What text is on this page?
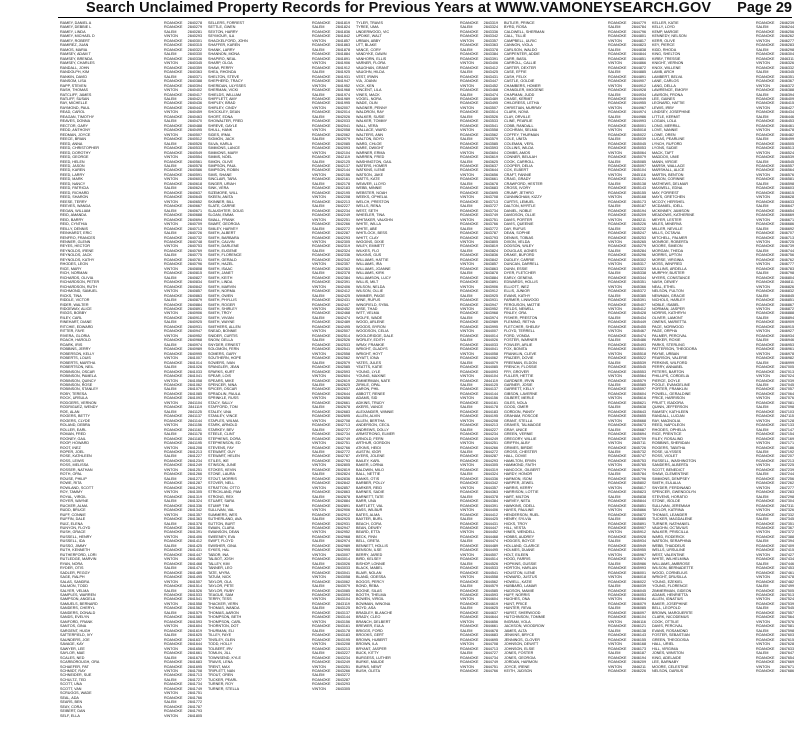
Search Unclaimed Property Records for Previous Years at WWW.VAMONEYSEARCH.GOV Page 29
RAMEY, DANIEL A	ROANOKE	2840278
RAMEY, DEBBIE L	ROANOKE	2840279
RAMEY, LINDA	SALEM	2840281
RAMEY, MICHAEL D	VINTON	2840293
RAMEY, ROBERT	ROANOKE	2840301
RAMIREZ, JUAN	ROANOKE	2840315
RAMOS, MARIA	ROANOKE	2840322
RAMSEY, ADAM T	SALEM	2840330
RAMSEY, BRENDA	ROANOKE	2840336
RAMSEY, CHARLES	VINTON	2840345
RANDALL, JOHN	ROANOKE	2840359
RANDOLPH, KIM	ROANOKE	2840363
RANKIN, DAVID	SALEM	2840371
RANSOM, LISA	ROANOKE	2840388
RAPP, STEVEN	ROANOKE	2840394
RASH, THOMAS	VINTON	2840402
RATCLIFF, JAMES	ROANOKE	2840417
RATLIFF, SUSAN	SALEM	2840421
RAY, MICHELLE	ROANOKE	2840436
RAYMOND, PAUL	ROANOKE	2840442
READ, CAROL	VINTON	2840459
REAGAN, TIMOTHY	ROANOKE	2840463
REAVES, DONNA	SALEM	2840470
RECTOR, GARY	ROANOKE	2840488
REDD, ANTHONY	ROANOKE	2840495
REDMAN, JOYCE	VINTON	2840507
REECE, BRIAN	ROANOKE	2840512
REED, ANNA	SALEM	2840526
REED, CHRISTOPHER	ROANOKE	2840533
REED, DOROTHY	ROANOKE	2840549
REED, GEORGE	VINTON	2840554
REED, HELEN	ROANOKE	2840561
REED, JASON	SALEM	2840578
REED, KAREN	ROANOKE	2840586
REED, LARRY	ROANOKE	2840591
REED, MARK	VINTON	2840603
REED, NANCY	ROANOKE	2840618
REED, PATRICIA	SALEM	2840624
REED, RICHARD	ROANOKE	2840637
REED, SHARON	ROANOKE	2840645
REESE, TERRY	VINTON	2840652
REEVES, WANDA	ROANOKE	2840667
REGAN, WILLIAM	SALEM	2840671
REID, AMANDA	ROANOKE	2840688
REID, BARRY	ROANOKE	2840694
REID, CYNTHIA	VINTON	2840709
REILLY, DENNIS	ROANOKE	2840713
REINHARDT, ERIC	SALEM	2840726
RENFRO, FRANCES	ROANOKE	2840732
RENNER, GLENN	ROANOKE	2840748
REYES, HECTOR	VINTON	2840753
REYNOLDS, IRENE	ROANOKE	2840769
REYNOLDS, JACK	SALEM	2840775
REYNOLDS, KATHY	ROANOKE	2840781
RHODES, LEON	ROANOKE	2840796
RICE, MARY	VINTON	2840808
RICH, NORMAN	ROANOKE	2840815
RICHARDS, OLIVIA	SALEM	2840827
RICHARDSON, PETER	ROANOKE	2840834
RICHARDSON, RUTH	ROANOKE	2840842
RICHMOND, SAMUEL	VINTON	2840857
RICKS, TINA	ROANOKE	2840863
RIDDLE, VICTOR	SALEM	2840879
RIDER, WALTER	ROANOKE	2840884
RIDGEWAY, ALICE	ROANOKE	2840891
RIGGS, BOBBY	VINTON	2840906
RILEY, CARL	ROANOKE	2840912
RINEHART, DIANE	SALEM	2840925
RITCHIE, EDWARD	ROANOKE	2840931
RITTER, FAYE	ROANOKE	2840947
RIVERA, GLORIA	VINTON	2840952
ROACH, HAROLD	ROANOKE	2840968
ROARK, IRIS	SALEM	2840974
ROBBINS, JERRY	ROANOKE	2840989
ROBERSON, KELLY	ROANOKE	2840995
ROBERTS, LOUIS	VINTON	2841007
ROBERTS, MARTHA	ROANOKE	2841014
ROBERTSON, NEIL	SALEM	2841026
ROBINSON, OSCAR	ROANOKE	2841033
ROBINSON, PAMELA	ROANOKE	2841041
ROBINSON, QUINCY	VINTON	2841058
ROBINSON, ROSE	ROANOKE	2841062
ROBINSON, STANLEY	SALEM	2841079
ROBY, TERESA	ROANOKE	2841085
ROCK, URSULA	ROANOKE	2841093
RODGERS, VERNON	VINTON	2841104
RODRIGUEZ, WENDY	ROANOKE	2841119
ROE, ALAN	SALEM	2841125
ROGERS, BETTY	ROANOKE	2841137
ROGERS, CLYDE	ROANOKE	2841144
ROLAND, DEBRA	VINTON	2841156
ROLLER, EARL	ROANOKE	2841161
ROMAN, FRED	SALEM	2841178
ROONEY, GAIL	ROANOKE	2841183
ROOP, HOWARD	ROANOKE	2841195
ROOT, INEZ	VINTON	2841208
ROPER, JOEL	ROANOKE	2841213
ROSE, KATHLEEN	SALEM	2841227
ROSS, LEWIS	ROANOKE	2841234
ROSS, MELISSA	ROANOKE	2841249
ROSSER, NATHAN	VINTON	2841251
ROTH, OPAL	ROANOKE	2841266
ROUSE, PHILIP	SALEM	2841272
ROWE, RITA	ROANOKE	2841287
ROWLAND, SCOTT	ROANOKE	2841293
ROY, TAMMY	VINTON	2841305
ROYAL, VIRGIL	ROANOKE	2841319
ROYER, WAYNE	SALEM	2841324
RUCKER, ALMA	ROANOKE	2841336
RUDD, BRUCE	ROANOKE	2841342
RUFF, CONNIE	VINTON	2841357
RUFFIN, DALE	ROANOKE	2841363
RUIZ, ELENA	SALEM	2841378
RUNYON, FLOYD	ROANOKE	2841384
RUSH, GRACE	ROANOKE	2841391
RUSSELL, HENRY	VINTON	2841406
RUSSELL, IDA	ROANOKE	2841412
RUSSO, JIMMY	SALEM	2841425
RUTH, KENNETH	ROANOKE	2841431
RUTHERFORD, LORI	ROANOKE	2841447
RUTLEDGE, MARVIN	VINTON	2841452
RYAN, NORA	ROANOKE	2841468
RYDER, OTIS	SALEM	2841474
SADLER, PEGGY	ROANOKE	2841489
SAGE, RALPH	ROANOKE	2841495
SALAS, SANDRA	VINTON	2841507
SALMON, TODD	ROANOKE	2841514
SALYER, VELMA	SALEM	2841526
SAMPLES, WARREN	ROANOKE	2841533
SAMPSON, ANGELA	ROANOKE	2841541
SAMUELS, BERNARD	VINTON	2841558
SANDERS, CHERYL	ROANOKE	2841562
SANDERS, DONALD	SALEM	2841579
SANDS, EVELYN	ROANOKE	2841585
SANFORD, FRANK	ROANOKE	2841593
SANTOS, GINA	VINTON	2841604
SARGENT, HUGH	ROANOKE	2841619
SATTERFIELD, IVY	SALEM	2841625
SAUNDERS, JOE	ROANOKE	2841637
SAVAGE, KAY	ROANOKE	2841644
SAWYER, LEE	VINTON	2841656
SAYLOR, MAE	ROANOKE	2841661
SCALES, NED	SALEM	2841678
SCARBOROUGH, ORA	ROANOKE	2841683
SCHAEFER, PAT	ROANOKE	2841695
SCHMIDT, RAY	VINTON	2841708
SCHNEIDER, SUE	ROANOKE	2841713
SCHULTZ, TED	SALEM	2841727
SCOTT, UNA	ROANOKE	2841734
SCOTT, VAN	ROANOKE	2841749
SCRUGGS, WADE	VINTON	2841751
SEAL, ADA	ROANOKE	2841766
SEARS, BEN	SALEM	2841772
SEAY, CORA	ROANOKE	2841787
SEIBERT, DAN	ROANOKE	2841793
SELF, ELLA	VINTON	2841805
SELLERS, FORREST	ROANOKE	2841819
SETTLE, GWEN	SALEM	2841824
SEXTON, HARRY	ROANOKE	2841836
SEYMOUR, ILA	ROANOKE	2841842
SHACKELFORD, JOHN	VINTON	2841857
SHAFFER, KAREN	ROANOKE	2841863
SHANK, LARRY	SALEM	2841878
SHANNON, MONA	ROANOKE	2841884
SHAPIRO, NEAL	ROANOKE	2841891
SHARP, OLGA	VINTON	2841906
SHAW, PERRY	ROANOKE	2841912
SHEA, RHONDA	SALEM	2841925
SHELTON, STEVE	ROANOKE	2841931
SHEPHERD, TRACY	ROANOKE	2841947
SHERIDAN, ULYSSES	VINTON	2841952
SHERMAN, VICKI	ROANOKE	2841968
SHIELDS, WILLIAM	SALEM	2841974
SHIFFLETT, AMY	ROANOKE	2841989
SHIPLEY, BRAD	ROANOKE	2841995
SHIRLEY, CINDY	VINTON	2842007
SHOCKLEY, DEAN	ROANOKE	2842014
SHORT, EDNA	SALEM	2842026
SHOWALTER, FRED	ROANOKE	2842033
SHREVE, GAYLE	ROANOKE	2842041
SHULL, HANK	VINTON	2842058
SIDES, IRMA	ROANOKE	2842062
SIGMON, JACK	SALEM	2842079
SILVA, KARLA	ROANOKE	2842085
SIMMONS, LANCE	ROANOKE	2842093
SIMMONS, MARY	VINTON	2842104
SIMMS, NOEL	ROANOKE	2842119
SIMON, OLIVE	SALEM	2842125
SIMPSON, PAUL	ROANOKE	2842137
SIMPSON, ROBIN	ROANOKE	2842144
SIMS, SHANE	VINTON	2842156
SINCLAIR, TARA	ROANOKE	2842161
SINGER, URIAH	SALEM	2842178
SINK, VERA	ROANOKE	2842183
SIZEMORE, WILL	ROANOKE	2842195
SKEEN, ANITA	VINTON	2842208
SKINNER, BILL	ROANOKE	2842213
SLATE, CARRIE	SALEM	2842227
SLAUGHTER, DOUG	ROANOKE	2842234
SLOAN, EMMA	ROANOKE	2842249
SMALL, FRANK	VINTON	2842251
SMART, GEORGIA	ROANOKE	2842266
SMILEY, HARVEY	SALEM	2842272
SMITH, ALBERT	ROANOKE	2842287
SMITH, BARBARA	ROANOKE	2842293
SMITH, CALVIN	VINTON	2842305
SMITH, DARLENE	ROANOKE	2842319
SMITH, EUGENE	SALEM	2842324
SMITH, FLORENCE	ROANOKE	2842336
SMITH, GERALD	ROANOKE	2842342
SMITH, HAZEL	VINTON	2842357
SMITH, ISAAC	ROANOKE	2842363
SMITH, JANET	SALEM	2842378
SMITH, KEITH	ROANOKE	2842384
SMITH, LINDA	ROANOKE	2842391
SMITH, MARVIN	VINTON	2842406
SMITH, NORMA	ROANOKE	2842412
SMITH, OWEN	SALEM	2842425
SMITH, PHYLLIS	ROANOKE	2842431
SMITH, ROGER	ROANOKE	2842447
SMITH, SHIRLEY	VINTON	2842452
SMITH, TROY	ROANOKE	2842468
SMITH, VIVIAN	SALEM	2842474
SMITH, WAYNE	ROANOKE	2842489
SMITHERS, ALLEN	ROANOKE	2842495
SNEAD, BONNIE	VINTON	2842507
SNIDER, CURTIS	ROANOKE	2842514
SNOW, DELLA	SALEM	2842526
SNYDER, ERNEST	ROANOKE	2842533
SOLOMON, FERN	ROANOKE	2842541
SOMERS, GARY	VINTON	2842558
SOUTHERN, HOPE	ROANOKE	2842562
SOWERS, IVAN	SALEM	2842579
SPANGLER, JEAN	ROANOKE	2842585
SPARKS, KURT	ROANOKE	2842593
SPEAR, LOIS	VINTON	2842604
SPEARS, MIKE	ROANOKE	2842619
SPENCER, NINA	SALEM	2842625
SPICER, OSCAR	ROANOKE	2842637
SPRADLIN, PAULA	ROANOKE	2842644
SPRINKLE, RUSS	VINTON	2842656
STACY, SALLY	ROANOKE	2842661
STAFFORD, TOM	SALEM	2842678
STALEY, UNA	ROANOKE	2842683
STANLEY, VINCE	ROANOKE	2842695
STAPLES, WILMA	VINTON	2842708
STARK, ARNOLD	ROANOKE	2842713
STARKEY, BEV	SALEM	2842727
STEELE, CLINT	ROANOKE	2842734
STEPHENS, DORA	ROANOKE	2842749
STEPHENSON, ED	VINTON	2842751
STEVENS, FAY	ROANOKE	2842766
STEWART, GUY	SALEM	2842772
STEWART, HELEN	ROANOKE	2842787
STILES, IKE	ROANOKE	2842793
STINSON, JUNE	VINTON	2842805
STOKES, KEVIN	ROANOKE	2842819
STONE, LAURA	SALEM	2842824
STOUT, MORRIS	ROANOKE	2842836
STOVER, NELL	ROANOKE	2842842
STRATTON, OTTO	VINTON	2842857
STRICKLAND, PAM	ROANOKE	2842863
STRONG, REX	SALEM	2842878
STUART, SARA	ROANOKE	2842884
STUMP, TIM	ROANOKE	2842891
SULLIVAN, VAL	VINTON	2842906
SUMMERS, WES	ROANOKE	2842912
SUTHERLAND, AVA	SALEM	2842925
SUTTON, BURT	ROANOKE	2842931
SWAIN, CLARA	ROANOKE	2842947
SWANSON, DEAN	VINTON	2842952
SWEENEY, EVA	ROANOKE	2842968
SWIFT, FLOYD	SALEM	2842974
SWISHER, GINA	ROANOKE	2842989
SYKES, HAL	ROANOKE	2842995
TABOR, INA	VINTON	2843007
TALBOT, JOSH	ROANOKE	2843014
TALLEY, KIM	SALEM	2843026
TANNER, LEO	ROANOKE	2843033
TATE, MYRA	ROANOKE	2843041
TATUM, NICK	VINTON	2843058
TAYLOR, OLA	ROANOKE	2843062
TAYLOR, PETE	SALEM	2843079
TAYLOR, RUBY	ROANOKE	2843085
TEAGUE, SAM	ROANOKE	2843093
TERRY, TESS	VINTON	2843104
THACKER, VERN	ROANOKE	2843119
THOMAS, WANDA	SALEM	2843125
THOMAS, AARON	ROANOKE	2843137
THOMPSON, BETH	ROANOKE	2843144
THOMPSON, CARL	VINTON	2843156
THORNTON, DOT	ROANOKE	2843161
THURMAN, ELI	SALEM	2843178
TILLEY, FAYE	ROANOKE	2843183
TINSLEY, GLEN	ROANOKE	2843195
TODD, HOLLY	VINTON	2843208
TOLBERT, IRV	ROANOKE	2843213
TOMLIN, JILL	SALEM	2843227
TOWNSEND, KYLE	ROANOKE	2843234
TRAVIS, LENA	ROANOKE	2843249
TRENT, MAX	VINTON	2843251
TRIPLETT, NAN	ROANOKE	2843266
TROUT, OREN	SALEM	2843272
TUCKER, PEARL	ROANOKE	2843287
TURNER, ROY	ROANOKE	2843293
TURNER, STELLA	VINTON	2843305
TYLER, TRAVIS	ROANOKE	2843319
TYREE, UMA	SALEM	2843324
UNDERWOOD, VIC	ROANOKE	2843336
UPDIKE, WALT	ROANOKE	2843342
URBAN, ABBY	VINTON	2843357
UTT, BLAKE	ROANOKE	2843363
VANCE, CORY	SALEM	2843378
VANDYKE, DAWN	ROANOKE	2843384
VANHORN, ELLIS	ROANOKE	2843391
VARNER, FLORA	VINTON	2843406
VAUGHAN, GRANT	ROANOKE	2843412
VAUGHN, HILDA	SALEM	2843425
VEST, IRWIN	ROANOKE	2843431
VIA, JOANN	ROANOKE	2843447
VICK, KEN	VINTON	2843452
VINCENT, LILA	ROANOKE	2843468
VINES, MACK	SALEM	2843474
VOGEL, NORA	ROANOKE	2843489
WADE, OLIN	ROANOKE	2843495
WAGNER, PENNY	VINTON	2843507
WALDRON, RAY	ROANOKE	2843514
WALKER, SUSIE	SALEM	2843526
WALKER, TOMMY	ROANOKE	2843533
WALL, VERA	ROANOKE	2843541
WALLACE, WARD	VINTON	2843558
WALTERS, ANN	ROANOKE	2843562
WALTON, BOYD	SALEM	2843579
WARD, CHLOE	ROANOKE	2843585
WARE, DWIGHT	ROANOKE	2843593
WARNER, ERMA	VINTON	2843604
WARREN, FRED	ROANOKE	2843619
WASHINGTON, GAIL	SALEM	2843625
WATERS, HOMER	ROANOKE	2843637
WATKINS, ILENE	ROANOKE	2843644
WATSON, JAKE	VINTON	2843656
WATTS, KATE	ROANOKE	2843661
WEAVER, LLOYD	SALEM	2843678
WEBB, MINNIE	ROANOKE	2843683
WEBSTER, NOAH	ROANOKE	2843695
WEEKS, OPHELIA	VINTON	2843708
WELCH, PRESTON	ROANOKE	2843713
WELLS, RENA	SALEM	2843727
WEST, SETH	ROANOKE	2843734
WHEELER, TINA	ROANOKE	2843749
WHITAKER, VAUGHN	VINTON	2843751
WHITE, WILLA	ROANOKE	2843766
WHITE, ABE	SALEM	2843772
WHITLOCK, BESS	ROANOKE	2843787
WHITT, CLAY	ROANOKE	2843793
WIGGINS, DIXIE	VINTON	2843805
WILEY, EMMETT	ROANOKE	2843819
WILKES, FLO	SALEM	2843824
WILKINS, GUS	ROANOKE	2843836
WILLIAMS, HATTIE	ROANOKE	2843842
WILLIAMS, IRA	VINTON	2843857
WILLIAMS, JOANNE	ROANOKE	2843863
WILLIAMS, KIRK	SALEM	2843878
WILLIAMSON, LUCY	ROANOKE	2843884
WILLIS, MILT	ROANOKE	2843891
WILSON, NELDA	VINTON	2843906
WILSON, OLLIE	ROANOKE	2843912
WIMMER, PAIGE	SALEM	2843925
WINE, RUFUS	ROANOKE	2843931
WINGFIELD, SYBIL	ROANOKE	2843947
WISE, THAD	VINTON	2843952
WITT, VELMA	ROANOKE	2843968
WOLFE, WADE	SALEM	2843974
WOOD, ARLENE	ROANOKE	2843989
WOODS, BYRON	ROANOKE	2843995
WOODSON, CELIA	VINTON	2844007
WOOLDRIDGE, DALE	ROANOKE	2844014
WORLEY, EDITH	SALEM	2844026
WRAY, FRANKIE	ROANOKE	2844033
WRIGHT, GLADYS	ROANOKE	2844041
WRIGHT, HOYT	VINTON	2844058
WYATT, IONA	ROANOKE	2844062
YATES, JULES	SALEM	2844079
YEATTS, KATIE	ROANOKE	2844085
YOUNG, LYLE	ROANOKE	2844093
YOUNG, MAXINE	VINTON	2844104
ZIMMERMAN, NATE	ROANOKE	2844119
ZIRKLE, OPAL	SALEM	2844125
AARON, PHIL	ROANOKE	2844137
ABBOTT, RENEE	ROANOKE	2844144
ADAMS, SID	VINTON	2844156
ADKINS, TRUDY	ROANOKE	2844161
AKERS, VANCE	SALEM	2844178
ALEXANDER, WINNIE	ROANOKE	2844183
ALLEN, ALVIN	ROANOKE	2844195
ALLEN, BERTHA	VINTON	2844208
ANDERSON, CECIL	ROANOKE	2844213
ANDREWS, DOLLY	SALEM	2844227
ARMSTRONG, ELMER	ROANOKE	2844234
ARNOLD, FERN	ROANOKE	2844249
ARTHUR, GORDON	VINTON	2844251
ATKINS, HEIDI	ROANOKE	2844266
AUSTIN, IGOR	SALEM	2844272
AYERS, JOLENE	ROANOKE	2844287
BAILEY, KARL	ROANOKE	2844293
BAKER, LORNA	VINTON	2844305
BALDWIN, MILO	ROANOKE	2844319
BALL, NETTIE	SALEM	2844324
BANKS, OTIS	ROANOKE	2844336
BARBER, POLLY	ROANOKE	2844342
BARKER, REID	VINTON	2844357
BARNES, SADIE	ROANOKE	2844363
BARNETT, TATE	SALEM	2844378
BARR, UNA	ROANOKE	2844384
BARTLETT, VAL	ROANOKE	2844391
BASS, WILBUR	VINTON	2844406
BATES, ALMA	ROANOKE	2844412
BAXTER, BURL	SALEM	2844425
BEACH, CORA	ROANOKE	2844431
BEAN, DEWEY	ROANOKE	2844447
BEARD, ETTA	VINTON	2844452
BECK, FINN	ROANOKE	2844468
BELL, GRETA	SALEM	2844474
BENNETT, HOLLIS	ROANOKE	2844489
BENSON, ILSE	ROANOKE	2844495
BERRY, JARED	VINTON	2844507
BIRD, KELSEY	ROANOKE	2844514
BISHOP, LONNIE	SALEM	2844526
BLACK, MABEL	ROANOKE	2844533
BLAIR, NOLAN	ROANOKE	2844541
BLAND, ODESSA	VINTON	2844558
BOGGS, PERCY	ROANOKE	2844562
BOND, REBA	SALEM	2844579
BOONE, SILAS	ROANOKE	2844585
BOOTH, THELMA	ROANOKE	2844593
BOWEN, VIRGIL	VINTON	2844604
BOWMAN, WINONA	ROANOKE	2844619
BOYD, ASA	SALEM	2844625
BRADLEY, BLANCHE	ROANOKE	2844637
BRADY, CLEO	ROANOKE	2844644
BRANCH, DELBERT	VINTON	2844656
BREWER, EULA	ROANOKE	2844661
BRIGGS, FORD	SALEM	2844678
BROOKS, GERT	ROANOKE	2844683
BROWN, HUBERT	ROANOKE	2844695
BROWN, ILA	VINTON	2844708
BRYANT, JASPER	ROANOKE	2844713
BUCK, KITTY	SALEM	2844727
BURGESS, LUTHER	ROANOKE	2844734
BURKE, MAUDE	ROANOKE	2844749
BURNS, NEWT	VINTON	2844751
BUSH, OLETA	ROANOKE	2844766
BUTLER, PRINCE	ROANOKE	2844779
BYRD, ROSA	SALEM	2844784
CALDWELL, SHERMAN	ROANOKE	2844796
CALL, TILLIE	ROANOKE	2844801
CAMPBELL, ULRIC	VINTON	2844817
CANNON, VIOLA	ROANOKE	2844823
CARLSON, WALDO	SALEM	2844838
CARPENTER, ADDIE	ROANOKE	2844844
CARR, BASIL	ROANOKE	2844851
CARROLL, CALLIE	VINTON	2844866
CARTER, DEXTER	ROANOKE	2844872
CASE, EFFIE	SALEM	2844885
CASH, FELIX	ROANOKE	2844891
CASTLE, GOLDIE	ROANOKE	2844907
CHAMBERS, HOMER	VINTON	2844912
CHANDLER, IMOGENE	ROANOKE	2844928
CHAPMAN, JUDD	SALEM	2844934
CHASE, KERMIT	ROANOKE	2844949
CHILDRESS, LETHA	ROANOKE	2844955
CHRISTIAN, MURRAY	VINTON	2844967
CLARK, NOVA	ROANOKE	2844974
CLAY, ORVILLE	SALEM	2844986
CLINE, PEARLIE	ROANOKE	2844993
COBB, RANDALL	ROANOKE	2845001
COCHRAN, SELMA	VINTON	2845018
COFFEY, THURMAN	ROANOKE	2845022
COLE, UNITA	SALEM	2845039
COLEMAN, VERL	ROANOKE	2845045
COLLINS, WILDA	ROANOKE	2845053
COMBS, AMOS	VINTON	2845064
CONNER, BEULAH	ROANOKE	2845079
COOK, CARROLL	SALEM	2845085
COOPER, DELIA	ROANOKE	2845097
COX, ELBERT	ROANOKE	2845104
CRAFT, FANNIE	VINTON	2845116
CRAIG, GRADY	ROANOKE	2845121
CRAWFORD, HESTER	SALEM	2845138
CROSS, IVORY	ROANOKE	2845143
CRUMP, JETHRO	ROANOKE	2845155
CUNNINGHAM, KIZZY	VINTON	2845168
CURTIS, LEMUEL	ROANOKE	2845173
DALTON, MYRTLE	SALEM	2845187
DANIEL, NOBLE	ROANOKE	2845194
DAVIDSON, OLLIE	ROANOKE	2845209
DAVIS, PORTER	VINTON	2845211
DAVIS, QUEENIE	ROANOKE	2845226
DAY, RUFUS	SALEM	2845232
DEAN, SOPHIE	ROANOKE	2845247
DENNIS, TOBIAS	ROANOKE	2845253
DIXON, VELDA	VINTON	2845265
DODSON, WILEY	ROANOKE	2845279
DOUGLAS, AGNES	SALEM	2845284
DRAKE, BUFORD	ROANOKE	2845296
DUDLEY, CARRIE	ROANOKE	2845302
DUNCAN, DARRELL	VINTON	2845317
DUNN, ESSIE	ROANOKE	2845323
DYER, FLETCHER	SALEM	2845338
EARLY, GENEVA	ROANOKE	2845344
EDWARDS, HOLLIS	ROANOKE	2845351
ELLIOTT, INEZ	VINTON	2845366
ELLIS, JUNIOR	ROANOKE	2845372
EVANS, KATHY	SALEM	2845385
FARMER, LINWOOD	ROANOKE	2845391
FERGUSON, MATTIE	ROANOKE	2845407
FIELDS, NEWELL	VINTON	2845412
FINLEY, ORA	ROANOKE	2845428
FISHER, PRESTON	SALEM	2845434
FLEMING, RETHA	ROANOKE	2845449
FLETCHER, SHELBY	ROANOKE	2845455
FLOYD, TERRELL	VINTON	2845467
FORD, VONDA	ROANOKE	2845474
FOSTER, WARNER	SALEM	2845486
FOWLER, ARLIE	ROANOKE	2845493
FOX, BONITA	ROANOKE	2845501
FRANKLIN, CLEVE	VINTON	2845518
FRAZIER, DOVIE	ROANOKE	2845522
FREEMAN, ELDON	SALEM	2845539
FRENCH, FLOSSIE	ROANOKE	2845545
FRY, GROVER	ROANOKE	2845553
FULLER, HETTIE	VINTON	2845564
GARDNER, IRVIN	ROANOKE	2845579
GARNER, JOSIE	SALEM	2845585
GARRETT, KELLY	ROANOKE	2845597
GIBSON, LAVERNE	ROANOKE	2845604
GILBERT, MERLE	VINTON	2845616
GILES, NOLA	ROANOKE	2845621
GOOD, OMER	SALEM	2845638
GORDON, PANSY	ROANOKE	2845643
GRAHAM, ROSCOE	ROANOKE	2845655
GRANT, STELLA	VINTON	2845668
GRAVES, TALMADGE	ROANOKE	2845673
GRAY, UNICE	SALEM	2845687
GREEN, VERNIE	ROANOKE	2845694
GREGORY, WILLIE	ROANOKE	2845709
GRIFFIN, ALBY	VINTON	2845711
GRIMES, BIRDIE	ROANOKE	2845726
GROSS, CHESTER	SALEM	2845732
HALL, DOVIE	ROANOKE	2845747
HAMILTON, ERVIN	ROANOKE	2845753
HAMMOND, FAITH	VINTON	2845765
HANCOCK, GILBERT	ROANOKE	2845779
HARDY, HONOR	SALEM	2845784
HARMON, ISOM	ROANOKE	2845796
HARPER, JEWEL	ROANOKE	2845802
HARRIS, KERRY	VINTON	2845817
HARRISON, LOTTIE	ROANOKE	2845823
HART, MILTON	SALEM	2845838
HARVEY, NETA	ROANOKE	2845844
HAWKINS, ODELL	ROANOKE	2845851
HAYES, PAULINE	VINTON	2845866
HENDERSON, RUEL	ROANOKE	2845872
HENRY, SYLVIA	SALEM	2845885
HICKS, TROY	ROANOKE	2845891
HILL, VESTA	ROANOKE	2845907
HINES, WENDELL	VINTON	2845912
HOBBS, AUDREY	ROANOKE	2845928
HODGES, BOYCE	SALEM	2845934
HOLLAND, CLARICE	ROANOKE	2845949
HOLMES, DUANE	ROANOKE	2845955
HOLT, EILEEN	VINTON	2845967
HOOD, FARRIS	ROANOKE	2845974
HOPKINS, GUSSIE	SALEM	2845986
HORTON, HARLAN	ROANOKE	2845993
HOUSTON, ILENE	ROANOKE	2846001
HOWARD, JUSTUS	VINTON	2846018
HOWELL, KATIE	ROANOKE	2846022
HUBBARD, LAMAR	SALEM	2846039
HUDSON, MAMIE	ROANOKE	2846045
HUFF, NORRIS	ROANOKE	2846053
HUGHES, ONA	VINTON	2846064
HUNT, PRICE	ROANOKE	2846079
HUNTER, REVA	SALEM	2846085
HURST, SHERWOOD	ROANOKE	2846097
HUTCHINSON, TOMMIE	ROANOKE	2846104
INGRAM, VOLA	VINTON	2846116
JACKSON, WOODROW	ROANOKE	2846121
JAMES, ALTA	SALEM	2846138
JENKINS, BRYCE	ROANOKE	2846143
JENNINGS, CLOVER	ROANOKE	2846155
JOHNSON, DEWITT	VINTON	2846168
JOHNSON, ELSIE	ROANOKE	2846173
JONES, FOSTER	SALEM	2846187
JONES, GEORGIA	ROANOKE	2846194
JORDAN, HARMON	ROANOKE	2846209
JOYCE, IRENE	VINTON	2846211
KEITH, JUDSON	ROANOKE	2846226
KELLER, KATIE	ROANOKE	2846239
KELLY, LOYD	SALEM	2846244
KEMP, MARGIE	ROANOKE	2846256
KENNEDY, NELSON	ROANOKE	2846262
KERR, OLIVE	VINTON	2846277
KEY, PIERCE	ROANOKE	2846283
KIDD, RHODA	SALEM	2846298
KING, SHELTON	ROANOKE	2846304
KIRBY, TRESSIE	ROANOKE	2846311
KNIGHT, VERNON	VINTON	2846326
KNOX, WILLENE	ROANOKE	2846332
LAMB, ARCH	SALEM	2846345
LAMBERT, BELVA	ROANOKE	2846351
LANE, CARLOS	ROANOKE	2846367
LANG, DELLA	VINTON	2846372
LAWRENCE, EMORY	ROANOKE	2846388
LAWSON, FRONA	SALEM	2846394
LEE, GAINES	ROANOKE	2846409
LEONARD, HATTIE	ROANOKE	2846415
LEWIS, IRBY	VINTON	2846427
LINDSEY, JOSEPHINE	ROANOKE	2846434
LITTLE, KERMIT	SALEM	2846446
LOGAN, LOLA	ROANOKE	2846453
LONG, MERRILL	ROANOKE	2846461
LOVE, NANNIE	VINTON	2846478
LOWE, OREN	ROANOKE	2846482
LUCAS, PEARLINE	SALEM	2846499
LYNCH, RUFORD	ROANOKE	2846505
LYONS, SUDIE	ROANOKE	2846513
MACK, TAFT	VINTON	2846524
MADDOX, UNIE	ROANOKE	2846539
MANN, VIRGIE	SALEM	2846545
MARSH, WALLACE	ROANOKE	2846557
MARSHALL, ALICE	ROANOKE	2846564
MARTIN, BENTON	VINTON	2846576
MASON, CORINNE	ROANOKE	2846581
MATHEWS, DELMAR	SALEM	2846598
MAXWELL, EDNA	ROANOKE	2846603
MAY, FORREST	ROANOKE	2846615
MAYS, GRETCHEN	VINTON	2846628
MCCOY, HERSHEL	ROANOKE	2846633
MCDANIEL, IDELL	SALEM	2846647
MCKINNEY, JAMISON	ROANOKE	2846654
MEADOWS, KATHERINE	ROANOKE	2846669
MEYER, LESTER	VINTON	2846671
MILES, MINERVA	ROANOKE	2846686
MILLER, NEVILLE	SALEM	2846692
MILLS, OCTAVIA	ROANOKE	2846707
MITCHELL, PALMER	ROANOKE	2846713
MONROE, ROBERTA	VINTON	2846725
MOORE, SIMEON	ROANOKE	2846739
MORGAN, THEDA	SALEM	2846744
MORRIS, UPTON	ROANOKE	2846756
MORSE, VIRGINIA	ROANOKE	2846762
MOSS, WINFRED	VINTON	2846777
MULLINS, ARDELLA	ROANOKE	2846783
MURPHY, BUSTER	SALEM	2846798
MYERS, CONSTANCE	ROANOKE	2846804
NASH, DEWEY	ROANOKE	2846811
NEAL, ETHEL	VINTON	2846826
NELSON, FULTON	ROANOKE	2846832
NEWMAN, GRACIE	SALEM	2846845
NICHOLS, HARLEY	ROANOKE	2846851
NOBLE, ISABEL	ROANOKE	2846867
NORMAN, JASPER	VINTON	2846872
NORRIS, KATHRYN	ROANOKE	2846888
OLIVER, LAMONT	SALEM	2846894
OWENS, MARIETTA	ROANOKE	2846909
PACE, NORWOOD	ROANOKE	2846915
PAGE, ORPHA	VINTON	2846927
PALMER, PERCIVAL	ROANOKE	2846934
PARKER, ROXIE	SALEM	2846946
PARKS, STERLING	ROANOKE	2846953
PATTERSON, THEODORA	ROANOKE	2846961
PAYNE, URBAN	VINTON	2846978
PEARSON, VALERIE	ROANOKE	2846982
PERKINS, WILFORD	SALEM	2846999
PERRY, ANNABEL	ROANOKE	2847005
PETERS, BARTON	ROANOKE	2847013
PHILLIPS, CORDELIA	VINTON	2847024
PIERCE, DOYLE	ROANOKE	2847039
POOLE, EVANGELINE	SALEM	2847045
PORTER, FRANKLIN	ROANOKE	2847057
POWELL, GERALDINE	ROANOKE	2847064
PRICE, HARRISON	VINTON	2847076
PRUITT, ISADORA	ROANOKE	2847081
QUINN, JEFFERSON	SALEM	2847098
RAMSEY, KATHLEEN	ROANOKE	2847103
RANDALL, LUCIAN	ROANOKE	2847115
RAY, MAGNOLIA	VINTON	2847128
REED, NAPOLEON	ROANOKE	2847133
RHODES, OPHELIA	SALEM	2847147
RICE, PRENTICE	ROANOKE	2847154
RILEY, ROSALIND	ROANOKE	2847169
ROBBINS, SHERIDAN	VINTON	2847171
ROGERS, TABITHA	ROANOKE	2847186
ROSE, ULYSSES	SALEM	2847192
ROSS, VIOLET	ROANOKE	2847207
RUSSELL, WASHINGTON	ROANOKE	2847213
SANDERS, ALBERTA	VINTON	2847225
SCOTT, BENEDICT	ROANOKE	2847239
SHAW, CLEMENTINE	SALEM	2847244
SIMMONS, DEMPSEY	ROANOKE	2847256
SMITH, EULALIA	ROANOKE	2847262
SNYDER, FERDINAND	VINTON	2847277
SPENCER, GWENDOLYN	ROANOKE	2847283
STEVENS, HORATIO	SALEM	2847298
STONE, ISOLDE	ROANOKE	2847304
SULLIVAN, JEREMIAH	ROANOKE	2847311
TAYLOR, KATRINA	VINTON	2847326
THOMAS, LEANDER	ROANOKE	2847332
TUCKER, MAGDALENE	SALEM	2847345
TURNER, NATHANIEL	ROANOKE	2847351
VAUGHN, OCTAVIUS	ROANOKE	2847367
WALKER, PRISCILLA	VINTON	2847372
WARD, RODERICK	ROANOKE	2847388
WATSON, SERAPHINA	SALEM	2847394
WEBB, THADDEUS	ROANOKE	2847409
WELLS, URSULINE	ROANOKE	2847415
WEST, VALENTINE	VINTON	2847427
WHITE, WILHELMINA	ROANOKE	2847434
WILLIAMS, AMBROSE	SALEM	2847446
WILSON, BERNADETTE	ROANOKE	2847453
WOOD, CORNELIUS	ROANOKE	2847461
WRIGHT, DRUSILLA	VINTON	2847478
YOUNG, EZEKIEL	ROANOKE	2847482
YOUNG, FLORENCE	SALEM	2847499
ZIMMERMAN, GIDEON	ROANOKE	2847505
ADAMS, HENRIETTA	ROANOKE	2847513
ALLEN, IGNATIUS	VINTON	2847524
BAKER, JOSEPHINE	ROANOKE	2847539
BELL, LEOPOLD	SALEM	2847545
BROWN, MARGUERITE	ROANOKE	2847557
CLARK, NICODEMUS	ROANOKE	2847564
COOK, OTTILIE	VINTON	2847576
DAVIS, PERCIVAL	ROANOKE	2847581
EVANS, ROSAMOND	SALEM	2847598
FOSTER, SEBASTIAN	ROANOKE	2847603
GREEN, THEODOSIA	ROANOKE	2847615
HALL, URIEL	VINTON	2847628
HILL, VIRGINIA	ROANOKE	2847633
JONES, WINSTON	SALEM	2847647
KING, ADELAIDE	ROANOKE	2847654
LEE, BARNABY	ROANOKE	2847669
MOORE, CELESTINE	VINTON	2847671
NELSON, DARIUS	ROANOKE	2847686
